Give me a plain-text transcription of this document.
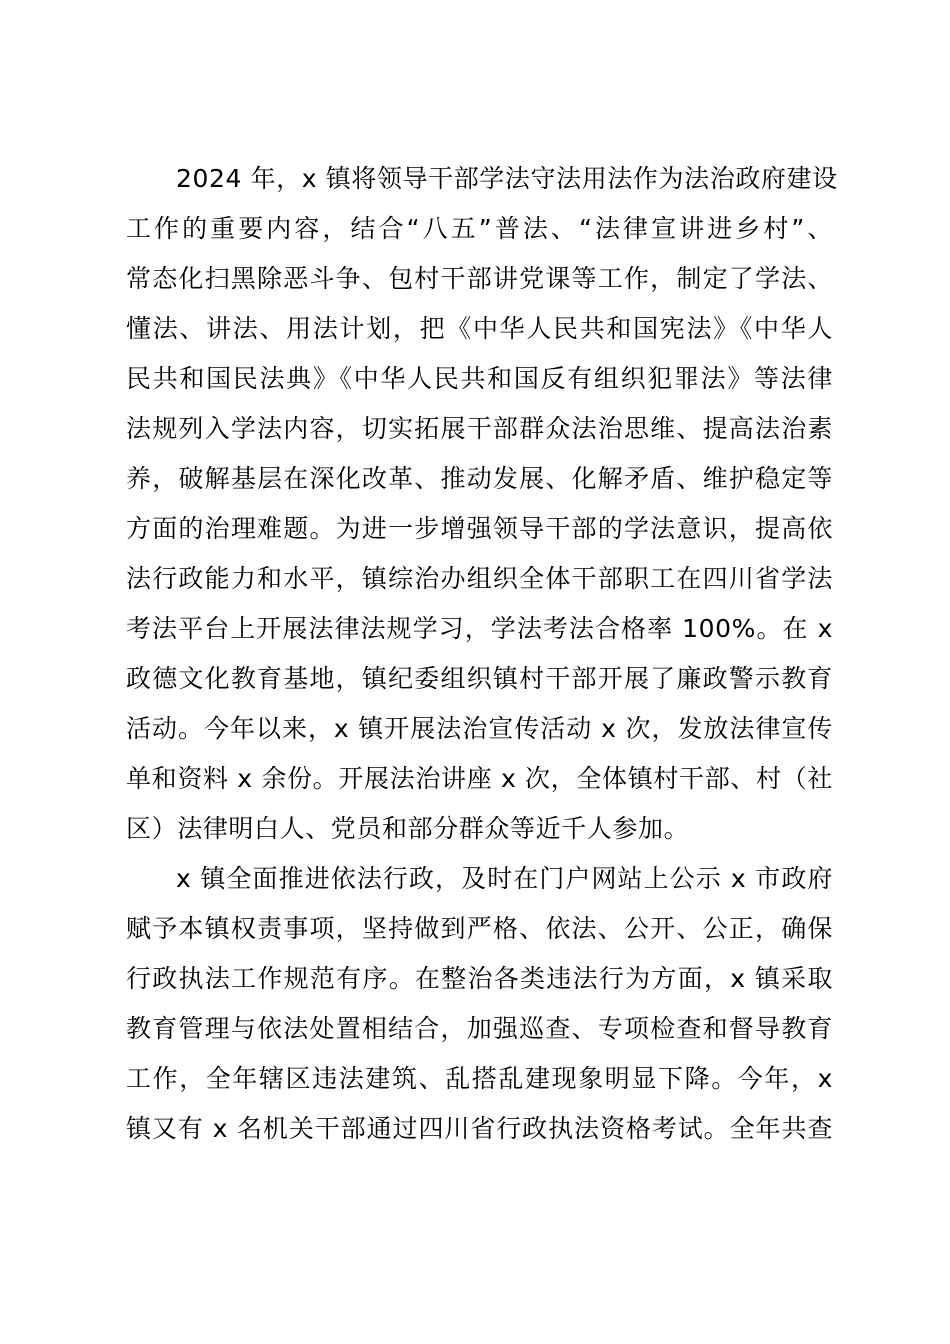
2024 年，x 镇将领导干部学法守法用法作为法治政府建设
工作的重要内容，结合“八五”普法、“法律宣讲进乡村”、
常态化扫黑除恶斗争、包村干部讲党课等工作，制定了学法、
懂法、讲法、用法计划，把《中华人民共和国宪法》《中华人
民共和国民法典》《中华人民共和国反有组织犯罪法》等法律
法规列入学法内容，切实拓展干部群众法治思维、提高法治素
养，破解基层在深化改革、推动发展、化解矛盾、维护稳定等
方面的治理难题。为进一步增强领导干部的学法意识，提高依
法行政能力和水平，镇综治办组织全体干部职工在四川省学法
考法平台上开展法律法规学习，学法考法合格率 100%。在 x
政德文化教育基地，镇纪委组织镇村干部开展了廉政警示教育
活动。今年以来，x 镇开展法治宣传活动 x 次，发放法律宣传
单和资料 x 余份。开展法治讲座 x 次，全体镇村干部、村（社
区）法律明白人、党员和部分群众等近千人参加。
x 镇全面推进依法行政，及时在门户网站上公示 x 市政府
赋予本镇权责事项，坚持做到严格、依法、公开、公正，确保
行政执法工作规范有序。在整治各类违法行为方面，x 镇采取
教育管理与依法处置相结合，加强巡查、专项检查和督导教育
工作，全年辖区违法建筑、乱搭乱建现象明显下降。今年，x
镇又有 x 名机关干部通过四川省行政执法资格考试。全年共查
